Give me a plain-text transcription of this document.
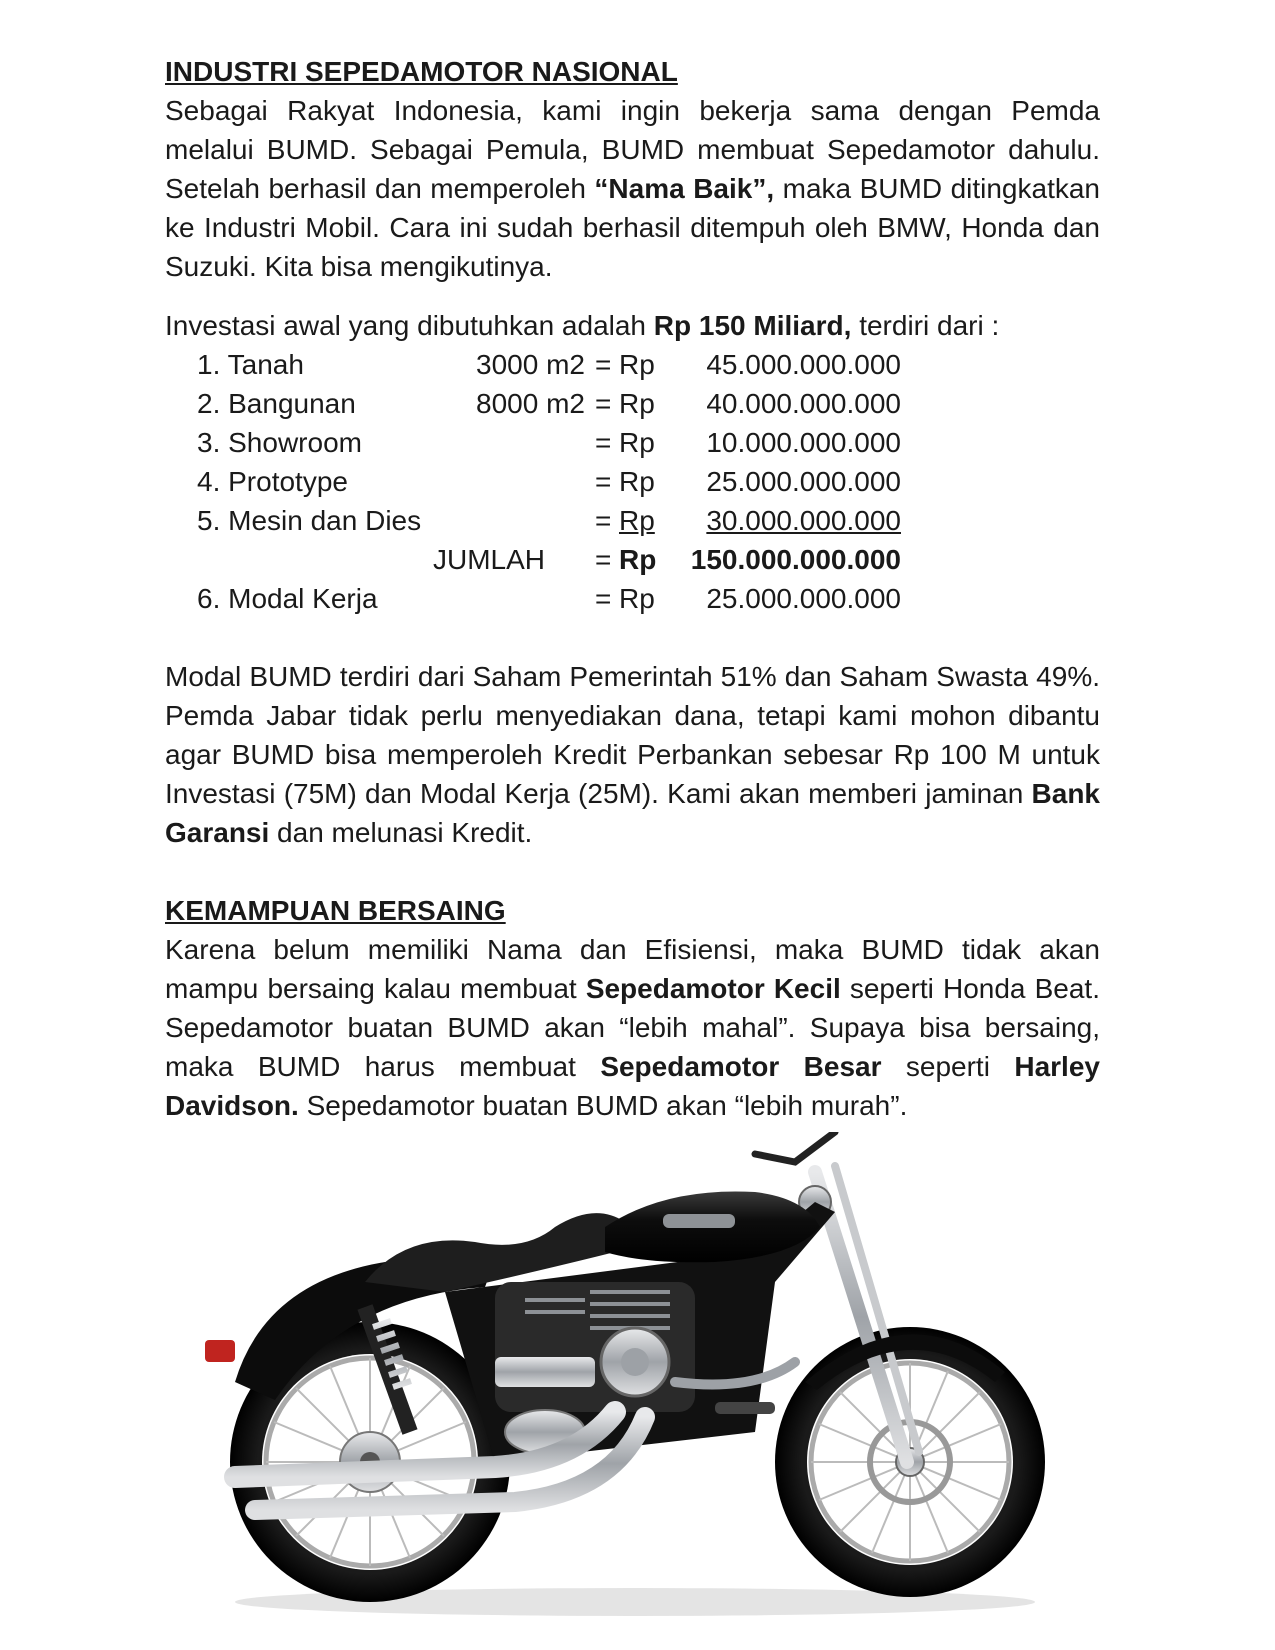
INDUSTRI SEPEDAMOTOR NASIONAL

Sebagai Rakyat Indonesia, kami ingin bekerja sama dengan Pemda melalui BUMD. Sebagai Pemula, BUMD membuat Sepedamotor dahulu. Setelah berhasil dan memperoleh “Nama Baik”, maka BUMD ditingkatkan ke Industri Mobil. Cara ini sudah berhasil ditempuh oleh BMW, Honda dan Suzuki. Kita bisa mengikutinya.

Investasi awal yang dibutuhkan adalah Rp 150 Miliard, terdiri dari :
1. Tanah	3000 m2	=	Rp	45.000.000.000
2. Bangunan	8000 m2	=	Rp	40.000.000.000
3. Showroom		=	Rp	10.000.000.000
4. Prototype		=	Rp	25.000.000.000
5. Mesin dan Dies		=	Rp	30.000.000.000
JUMLAH		=	Rp	150.000.000.000
6. Modal Kerja		=	Rp	25.000.000.000

Modal BUMD terdiri dari Saham Pemerintah 51% dan Saham Swasta 49%. Pemda Jabar tidak perlu menyediakan dana, tetapi kami mohon dibantu agar BUMD bisa memperoleh Kredit Perbankan sebesar Rp 100 M untuk Investasi (75M) dan Modal Kerja (25M). Kami akan memberi jaminan Bank Garansi dan melunasi Kredit.

KEMAMPUAN BERSAING

Karena belum memiliki Nama dan Efisiensi, maka BUMD tidak akan mampu bersaing kalau membuat Sepedamotor Kecil seperti Honda Beat. Sepedamotor buatan BUMD akan “lebih mahal”. Supaya bisa bersaing, maka BUMD harus membuat Sepedamotor Besar seperti Harley Davidson. Sepedamotor buatan BUMD akan “lebih murah”.
